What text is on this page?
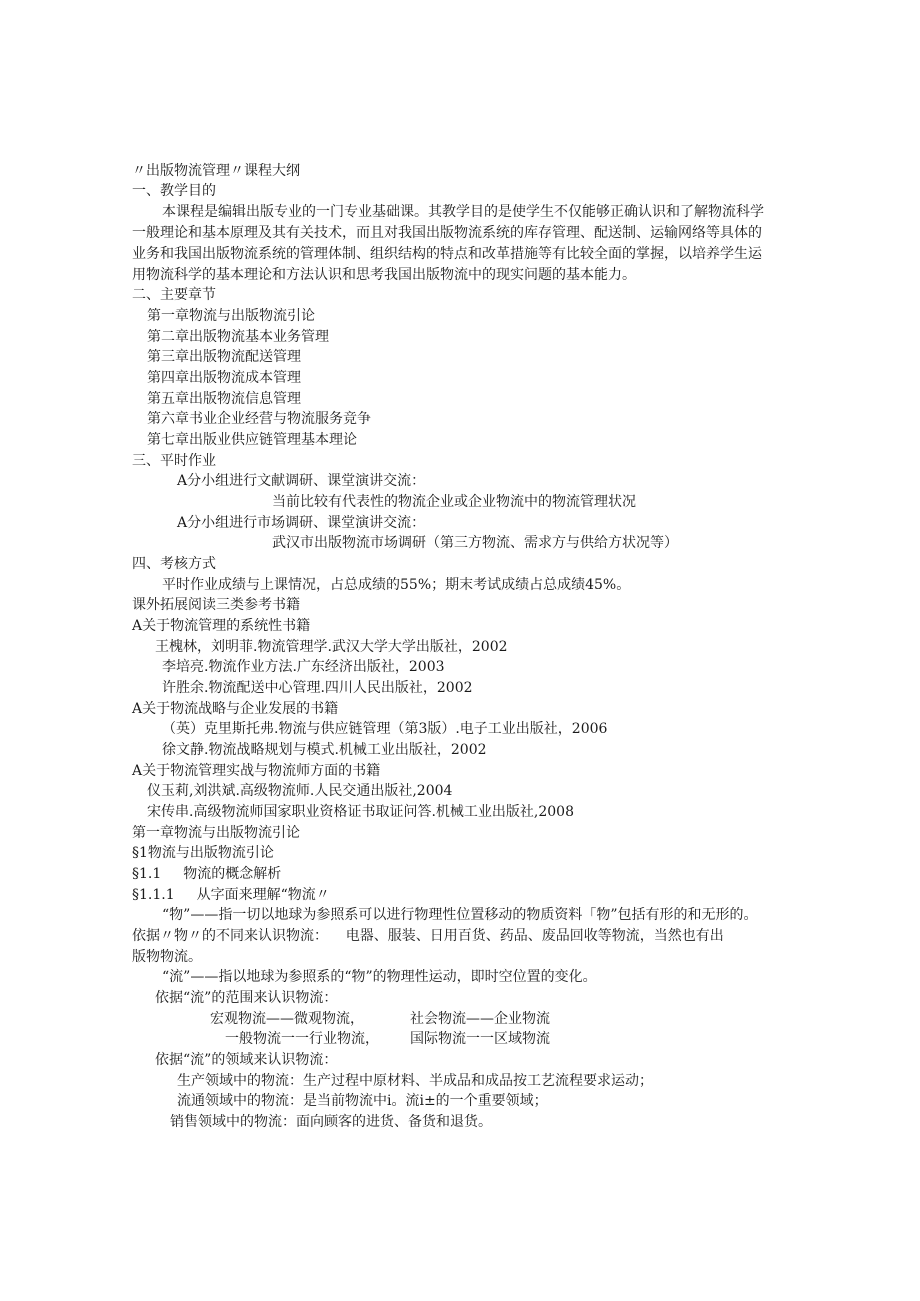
〃出版物流管理〃课程大纲
一、教学目的
本课程是编辑出版专业的一门专业基础课。其教学目的是使学生不仅能够正确认识和了解物流科学
一般理论和基本原理及其有关技术，而且对我国出版物流系统的库存管理、配送制、运输网络等具体的
业务和我国出版物流系统的管理体制、组织结构的特点和改革措施等有比较全面的掌握，以培养学生运
用物流科学的基本理论和方法认识和思考我国出版物流中的现实问题的基本能力。
二、主要章节
第一章物流与出版物流引论
第二章出版物流基本业务管理
第三章出版物流配送管理
第四章出版物流成本管理
第五章出版物流信息管理
第六章书业企业经营与物流服务竞争
第七章出版业供应链管理基本理论
三、平时作业
A分小组进行文献调研、课堂演讲交流：
当前比较有代表性的物流企业或企业物流中的物流管理状况
A分小组进行市场调研、课堂演讲交流：
武汉市出版物流市场调研（第三方物流、需求方与供给方状况等）
四、考核方式
平时作业成绩与上课情况，占总成绩的55%；期末考试成绩占总成绩45%。
课外拓展阅读三类参考书籍
A关于物流管理的系统性书籍
王槐林，刘明菲.物流管理学.武汉大学大学出版社，2002
李培亮.物流作业方法.广东经济出版社，2003
许胜余.物流配送中心管理.四川人民出版社，2002
A关于物流战略与企业发展的书籍
（英）克里斯托弗.物流与供应链管理（第3版）.电子工业出版社，2006
徐文静.物流战略规划与模式.机械工业出版社，2002
A关于物流管理实战与物流师方面的书籍
仪玉莉,刘洪斌.高级物流师.人民交通出版社,2004
宋传串.高级物流师国家职业资格证书取证问答.机械工业出版社,2008
第一章物流与出版物流引论
§1物流与出版物流引论
§1.1 物流的概念解析
§1.1.1 从字面来理解“物流〃
“物”——指一切以地球为参照系可以进行物理性位置移动的物质资料「物”包括有形的和无形的。
依据〃物〃的不同来认识物流：    电器、服装、日用百货、药品、废品回收等物流，当然也有出
版物物流。
“流”——指以地球为参照系的“物”的物理性运动，即时空位置的变化。
依据“流”的范围来认识物流：
宏观物流——微观物流，	社会物流——企业物流
一般物流一一行业物流， 国际物流一一区域物流
依据“流”的领域来认识物流：
生产领域中的物流：生产过程中原材料、半成品和成品按工艺流程要求运动；
流通领域中的物流：是当前物流中i。流i±的一个重要领域；
销售领域中的物流：面向顾客的进货、备货和退货。
